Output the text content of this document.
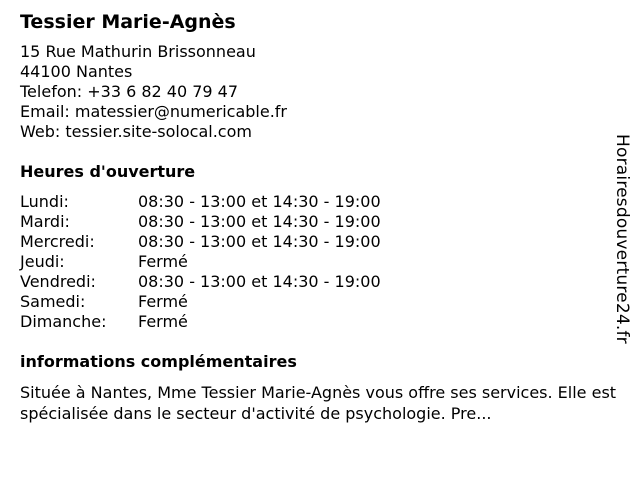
Tessier Marie-Agnès
15 Rue Mathurin Brissonneau
44100 Nantes
Telefon: +33 6 82 40 79 47
Email: matessier@numericable.fr
Web: tessier.site-solocal.com
Heures d'ouverture
Lundi:	08:30 - 13:00 et 14:30 - 19:00
Mardi:	08:30 - 13:00 et 14:30 - 19:00
Mercredi:	08:30 - 13:00 et 14:30 - 19:00
Jeudi:	Fermé
Vendredi:	08:30 - 13:00 et 14:30 - 19:00
Samedi:	Fermé
Dimanche:	Fermé
informations complémentaires
Située à Nantes, Mme Tessier Marie-Agnès vous offre ses services. Elle est spécialisée dans le secteur d'activité de psychologie. Pre...
Horairesdouverture24.fr
